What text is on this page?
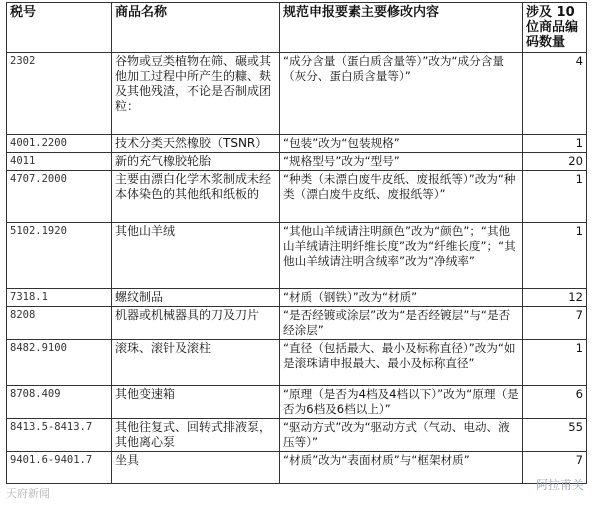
税号	商品名称	规范申报要素主要修改内容	涉及 10 位商品编码数量
2302	谷物或豆类植物在筛、碾或其他加工过程中所产生的糠、麸及其他残渣，不论是否制成团粒：	“成分含量（蛋白质含量等）”改为“成分含量（灰分、蛋白质含量等）”	4
4001.2200	技术分类天然橡胶（TSNR）	“包装”改为“包装规格”	1
4011	新的充气橡胶轮胎	“规格型号”改为“型号”	20
4707.2000	主要由漂白化学木浆制成未经本体染色的其他纸和纸板的	“种类（未漂白废牛皮纸、废报纸等）”改为“种类（漂白废牛皮纸、废报纸等）”	1
5102.1920	其他山羊绒	“其他山羊绒请注明颜色”改为“颜色”；“其他山羊绒请注明纤维长度”改为“纤维长度”；“其他山羊绒请注明含绒率”改为“净绒率”	1
7318.1	螺纹制品	“材质（钢铁）”改为“材质”	12
8208	机器或机械器具的刀及刀片	“是否经镀或涂层”改为“是否经镀层”与“是否经涂层”	7
8482.9100	滚珠、滚针及滚柱	“直径（包括最大、最小及标称直径）”改为“如是滚珠请申报最大、最小及标称直径”	1
8708.409	其他变速箱	“原理（是否为4档及4档以下）”改为“原理（是否为6档及6档以上）”	6
8413.5-8413.7	其他往复式、回转式排液泵，其他离心泵	“驱动方式”改为“驱动方式（气动、电动、液压等）”	55
9401.6-9401.7	坐具	“材质”改为“表面材质”与“框架材质”	7
天府新闻
阿拉甫关
